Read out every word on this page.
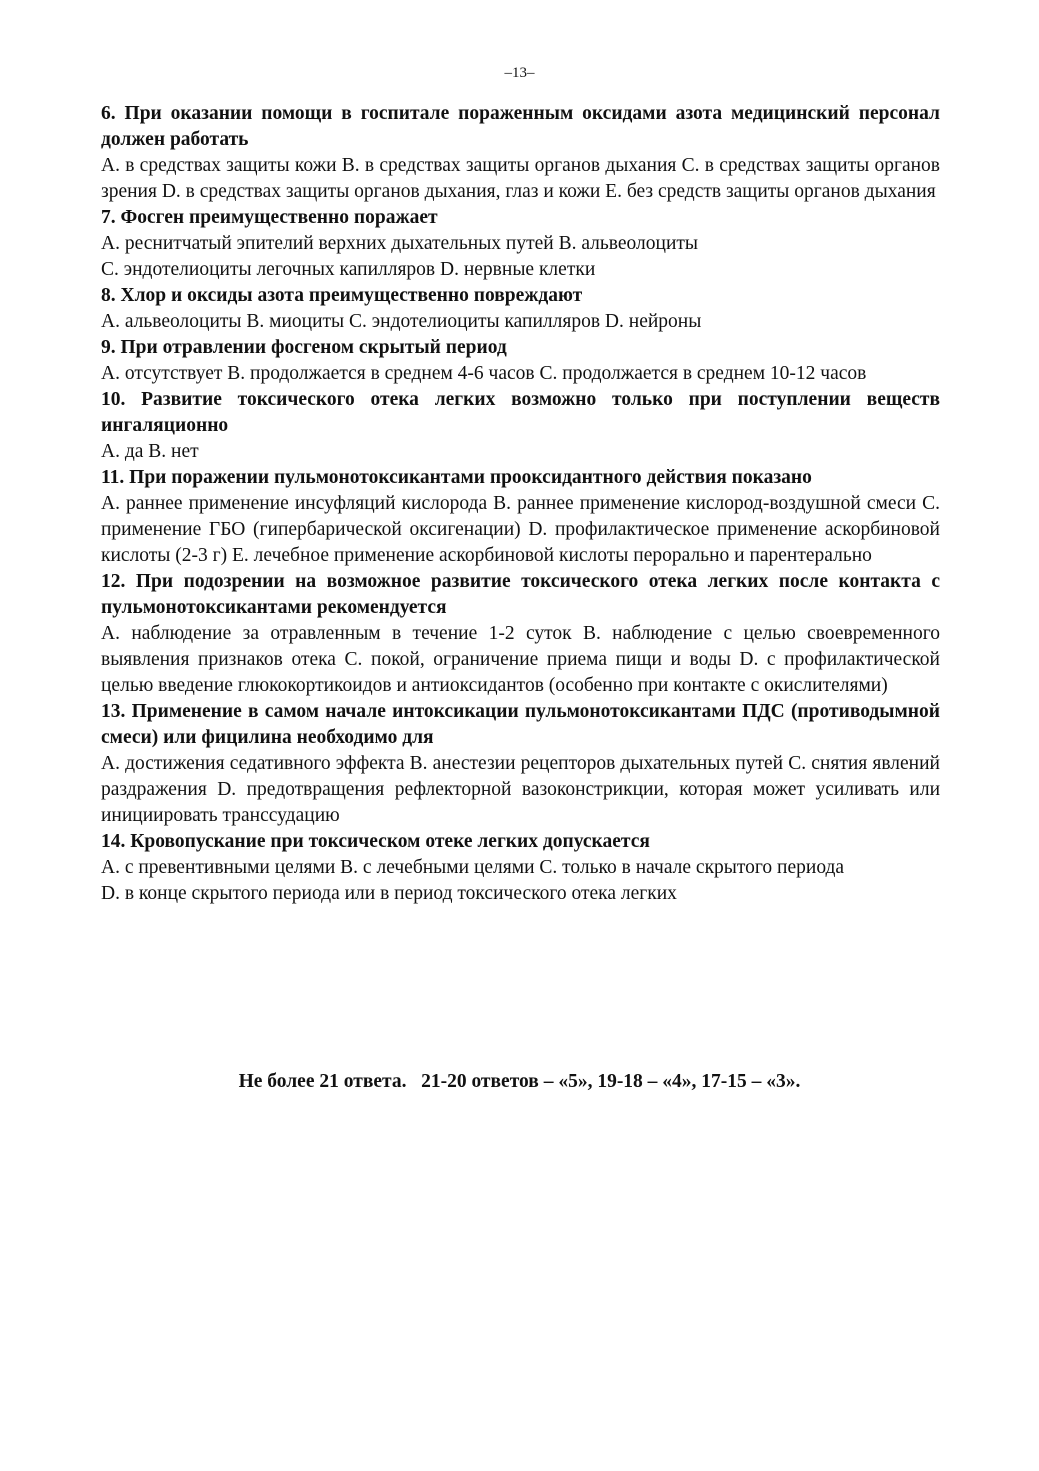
–13–
6. При оказании помощи в госпитале пораженным оксидами азота медицинский персонал должен работать

A. в средствах защиты кожи B. в средствах защиты органов дыхания C. в средствах защиты органов зрения D. в средствах защиты органов дыхания, глаз и кожи E. без средств защиты органов дыхания

7. Фосген преимущественно поражает

A. реснитчатый эпителий верхних дыхательных путей B. альвеолоциты

C. эндотелиоциты легочных капилляров D. нервные клетки

8. Хлор и оксиды азота преимущественно повреждают

A. альвеолоциты B. миоциты C. эндотелиоциты капилляров D. нейроны

9. При отравлении фосгеном скрытый период

A. отсутствует B. продолжается в среднем 4-6 часов C. продолжается в среднем 10-12 часов

10. Развитие токсического отека легких возможно только при поступлении веществ ингаляционно

A. да B. нет

11. При поражении пульмонотоксикантами прооксидантного действия показано

A. раннее применение инсуфляций кислорода B. раннее применение кислород-воздушной смеси C. применение ГБО (гипербарической оксигенации) D. профилактическое применение аскорбиновой кислоты (2-3 г) E. лечебное применение аскорбиновой кислоты перорально и парентерально

12. При подозрении на возможное развитие токсического отека легких после контакта с пульмонотоксикантами рекомендуется

A. наблюдение за отравленным в течение 1-2 суток B. наблюдение с целью своевременного выявления признаков отека C. покой, ограничение приема пищи и воды D. с профилактической целью введение глюкокортикоидов и антиоксидантов (особенно при контакте с окислителями)

13. Применение в самом начале интоксикации пульмонотоксикантами ПДС (противодымной смеси) или фицилина необходимо для

A. достижения седативного эффекта B. анестезии рецепторов дыхательных путей C. снятия явлений раздражения D. предотвращения рефлекторной вазоконстрикции, которая может усиливать или инициировать транссудацию

14. Кровопускание при токсическом отеке легких допускается

A. с превентивными целями B. с лечебными целями C. только в начале скрытого периода

D. в конце скрытого периода или в период токсического отека легких

Не более 21 ответа.   21-20 ответов – «5», 19-18 – «4», 17-15 – «3».
